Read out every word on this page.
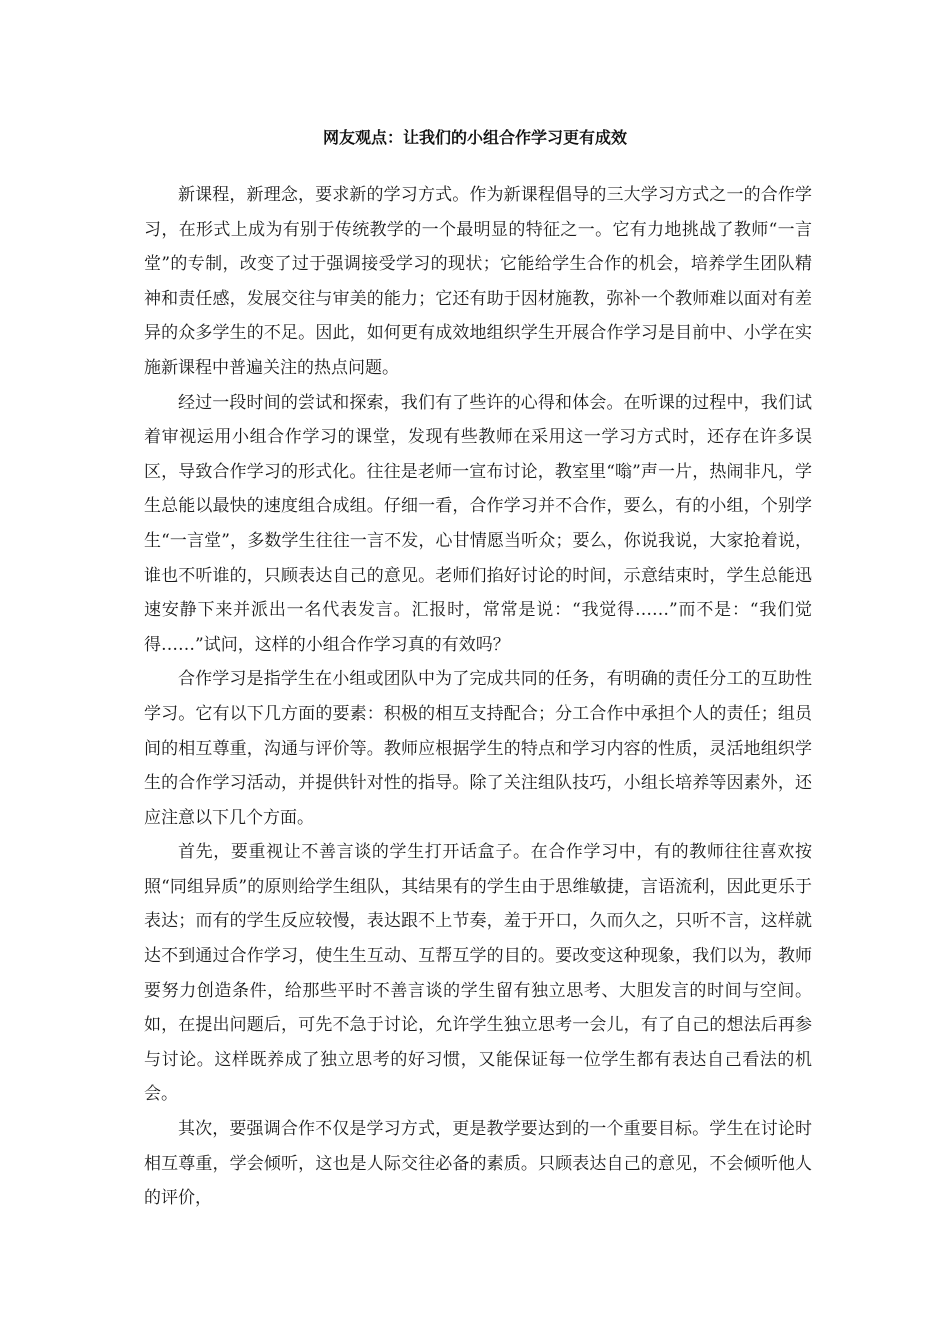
网友观点：让我们的小组合作学习更有成效

新课程，新理念，要求新的学习方式。作为新课程倡导的三大学习方式之一的合作学习，在形式上成为有别于传统教学的一个最明显的特征之一。它有力地挑战了教师“一言堂”的专制，改变了过于强调接受学习的现状；它能给学生合作的机会，培养学生团队精神和责任感，发展交往与审美的能力；它还有助于因材施教，弥补一个教师难以面对有差异的众多学生的不足。因此，如何更有成效地组织学生开展合作学习是目前中、小学在实施新课程中普遍关注的热点问题。

经过一段时间的尝试和探索，我们有了些许的心得和体会。在听课的过程中，我们试着审视运用小组合作学习的课堂，发现有些教师在采用这一学习方式时，还存在许多误区，导致合作学习的形式化。往往是老师一宣布讨论，教室里“嗡”声一片，热闹非凡，学生总能以最快的速度组合成组。仔细一看，合作学习并不合作，要么，有的小组，个别学生“一言堂”，多数学生往往一言不发，心甘情愿当听众；要么，你说我说，大家抢着说，谁也不听谁的，只顾表达自己的意见。老师们掐好讨论的时间，示意结束时，学生总能迅速安静下来并派出一名代表发言。汇报时，常常是说：“我觉得……”而不是：“我们觉得……”试问，这样的小组合作学习真的有效吗？

合作学习是指学生在小组或团队中为了完成共同的任务，有明确的责任分工的互助性学习。它有以下几方面的要素：积极的相互支持配合；分工合作中承担个人的责任；组员间的相互尊重，沟通与评价等。教师应根据学生的特点和学习内容的性质，灵活地组织学生的合作学习活动，并提供针对性的指导。除了关注组队技巧，小组长培养等因素外，还应注意以下几个方面。

首先，要重视让不善言谈的学生打开话盒子。在合作学习中，有的教师往往喜欢按照“同组异质”的原则给学生组队，其结果有的学生由于思维敏捷，言语流利，因此更乐于表达；而有的学生反应较慢，表达跟不上节奏，羞于开口，久而久之，只听不言，这样就达不到通过合作学习，使生生互动、互帮互学的目的。要改变这种现象，我们以为，教师要努力创造条件，给那些平时不善言谈的学生留有独立思考、大胆发言的时间与空间。如，在提出问题后，可先不急于讨论，允许学生独立思考一会儿，有了自己的想法后再参与讨论。这样既养成了独立思考的好习惯，又能保证每一位学生都有表达自己看法的机会。

其次，要强调合作不仅是学习方式，更是教学要达到的一个重要目标。学生在讨论时相互尊重，学会倾听，这也是人际交往必备的素质。只顾表达自己的意见，不会倾听他人的评价，
